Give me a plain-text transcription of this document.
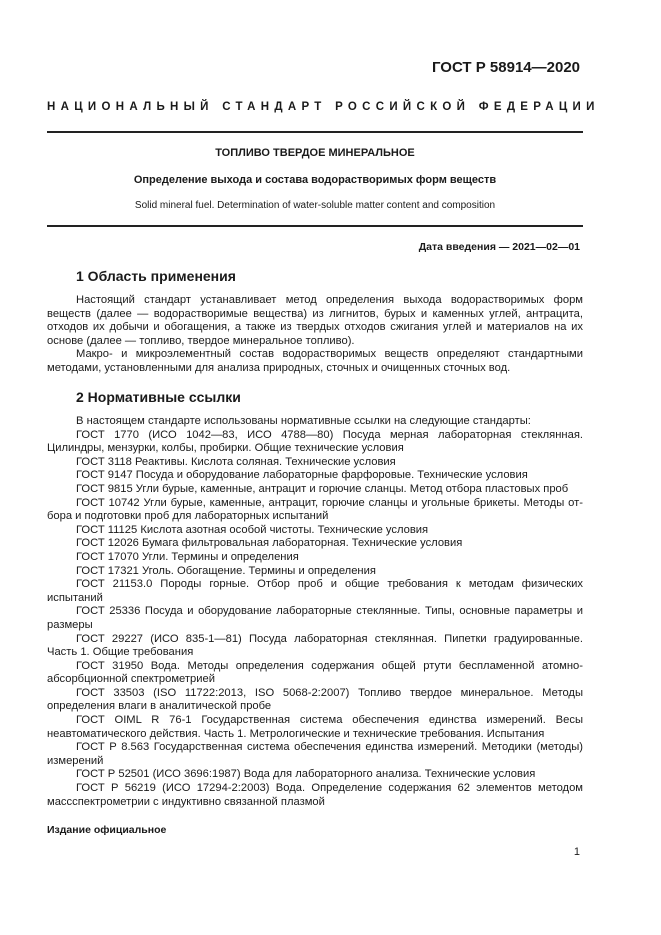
ГОСТ Р 58914—2020
НАЦИОНАЛЬНЫЙ СТАНДАРТ РОССИЙСКОЙ ФЕДЕРАЦИИ
ТОПЛИВО ТВЕРДОЕ МИНЕРАЛЬНОЕ
Определение выхода и состава водорастворимых форм веществ
Solid mineral fuel. Determination of water-soluble matter content and composition
Дата введения — 2021—02—01
1 Область применения

Настоящий стандарт устанавливает метод определения выхода водорастворимых форм веществ (далее — водорастворимые вещества) из лигнитов, бурых и каменных углей, антрацита, отходов их добычи и обогащения, а также из твердых отходов сжигания углей и материалов на их основе (далее — топливо, твердое минеральное топливо).

Макро- и микроэлементный состав водорастворимых веществ определяют стандартными методами, установленными для анализа природных, сточных и очищенных сточных вод.

2 Нормативные ссылки

В настоящем стандарте использованы нормативные ссылки на следующие стандарты:

ГОСТ 1770 (ИСО 1042—83, ИСО 4788—80) Посуда мерная лабораторная стеклянная. Цилиндры, мензурки, колбы, пробирки. Общие технические условия

ГОСТ 3118 Реактивы. Кислота соляная. Технические условия

ГОСТ 9147 Посуда и оборудование лабораторные фарфоровые. Технические условия

ГОСТ 9815 Угли бурые, каменные, антрацит и горючие сланцы. Метод отбора пластовых проб

ГОСТ 10742 Угли бурые, каменные, антрацит, горючие сланцы и угольные брикеты. Методы отбора и подготовки проб для лабораторных испытаний

ГОСТ 11125 Кислота азотная особой чистоты. Технические условия

ГОСТ 12026 Бумага фильтровальная лабораторная. Технические условия

ГОСТ 17070 Угли. Термины и определения

ГОСТ 17321 Уголь. Обогащение. Термины и определения

ГОСТ 21153.0 Породы горные. Отбор проб и общие требования к методам физических испытаний

ГОСТ 25336 Посуда и оборудование лабораторные стеклянные. Типы, основные параметры и размеры

ГОСТ 29227 (ИСО 835-1—81) Посуда лабораторная стеклянная. Пипетки градуированные. Часть 1. Общие требования

ГОСТ 31950 Вода. Методы определения содержания общей ртути беспламенной атомно-абсорбционной спектрометрией

ГОСТ 33503 (ISO 11722:2013, ISO 5068-2:2007) Топливо твердое минеральное. Методы определения влаги в аналитической пробе

ГОСТ OIML R 76-1 Государственная система обеспечения единства измерений. Весы неавтоматического действия. Часть 1. Метрологические и технические требования. Испытания

ГОСТ Р 8.563 Государственная система обеспечения единства измерений. Методики (методы) измерений

ГОСТ Р 52501 (ИСО 3696:1987) Вода для лабораторного анализа. Технические условия

ГОСТ Р 56219 (ИСО 17294-2:2003) Вода. Определение содержания 62 элементов методом массспектрометрии с индуктивно связанной плазмой

Издание официальное
1
